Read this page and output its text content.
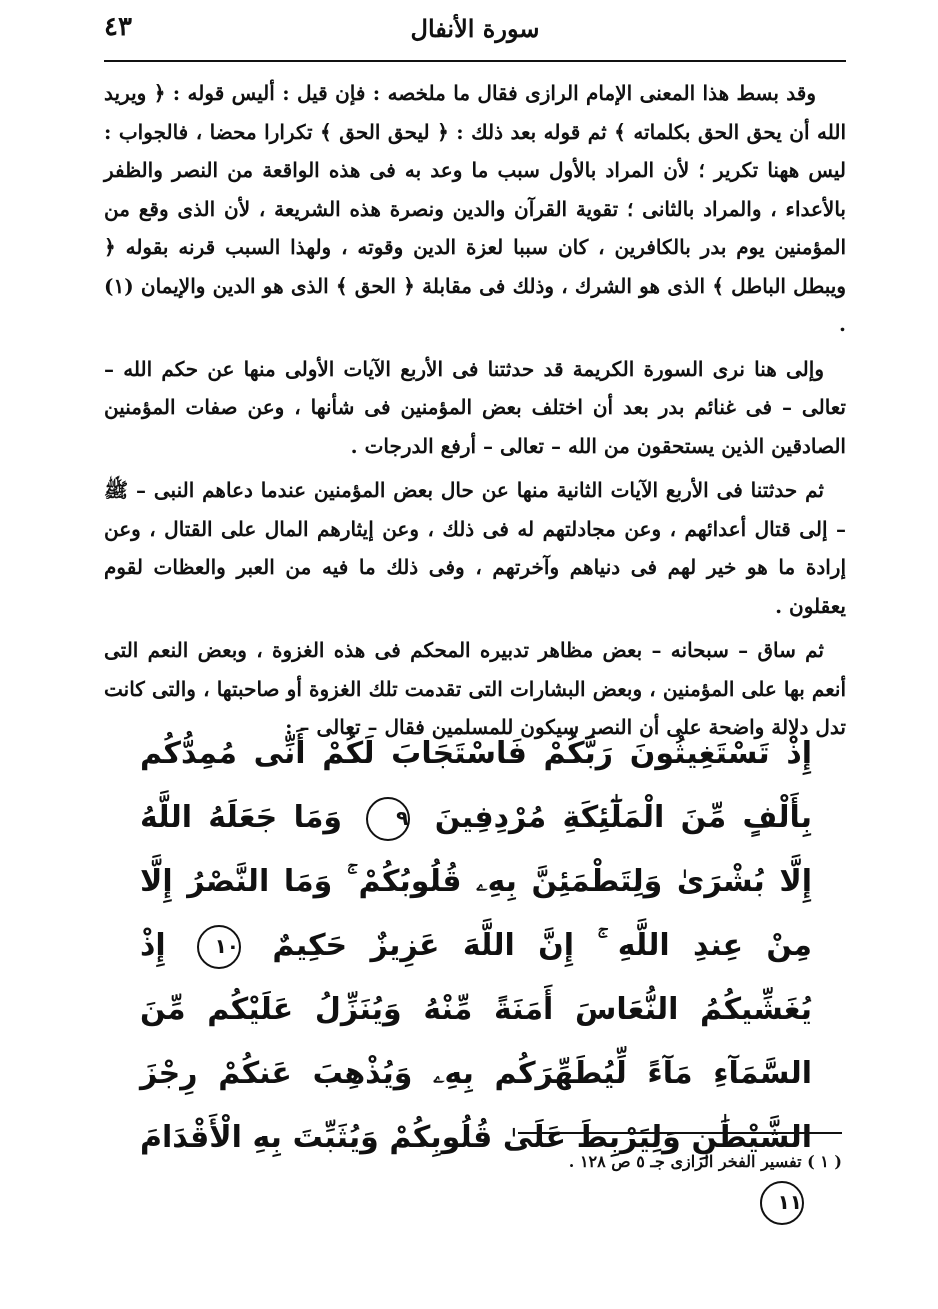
٤٣	سورة الأنفال

وقد بسط هذا المعنى الإمام الرازى فقال ما ملخصه : فإن قيل : أليس قوله : ﴿ ويريد الله أن يحق الحق بكلماته ﴾ ثم قوله بعد ذلك : ﴿ ليحق الحق ﴾ تكرارا محضا ، فالجواب : ليس ههنا تكرير ؛ لأن المراد بالأول سبب ما وعد به فى هذه الواقعة من النصر والظفر بالأعداء ، والمراد بالثانى ؛ تقوية القرآن والدين ونصرة هذه الشريعة ، لأن الذى وقع من المؤمنين يوم بدر بالكافرين ، كان سببا لعزة الدين وقوته ، ولهذا السبب قرنه بقوله ﴿ ويبطل الباطل ﴾ الذى هو الشرك ، وذلك فى مقابلة ﴿ الحق ﴾ الذى هو الدين والإيمان (١) .

وإلى هنا نرى السورة الكريمة قد حدثتنا فى الأربع الآيات الأولى منها عن حكم الله – تعالى – فى غنائم بدر بعد أن اختلف بعض المؤمنين فى شأنها ، وعن صفات المؤمنين الصادقين الذين يستحقون من الله – تعالى – أرفع الدرجات .

ثم حدثتنا فى الأربع الآيات الثانية منها عن حال بعض المؤمنين عندما دعاهم النبى – ﷺ – إلى قتال أعدائهم ، وعن مجادلتهم له فى ذلك ، وعن إيثارهم المال على القتال ، وعن إرادة ما هو خير لهم فى دنياهم وآخرتهم ، وفى ذلك ما فيه من العبر والعظات لقوم يعقلون .

ثم ساق – سبحانه – بعض مظاهر تدبيره المحكم فى هذه الغزوة ، وبعض النعم التى أنعم بها على المؤمنين ، وبعض البشارات التى تقدمت تلك الغزوة أو صاحبتها ، والتى كانت تدل دلالة واضحة على أن النصر سيكون للمسلمين فقال – تعالى – :

إِذْ تَسْتَغِيثُونَ رَبَّكُمْ فَاسْتَجَابَ لَكُمْ أَنِّى مُمِدُّكُم بِأَلْفٍ مِّنَ الْمَلَٰٓئِكَةِ مُرْدِفِينَ ٩ وَمَا جَعَلَهُ اللَّهُ إِلَّا بُشْرَىٰ وَلِتَطْمَئِنَّ بِهِۦ قُلُوبُكُمْ ۚ وَمَا النَّصْرُ إِلَّا مِنْ عِندِ اللَّهِ ۚ إِنَّ اللَّهَ عَزِيزٌ حَكِيمٌ ١٠ إِذْ يُغَشِّيكُمُ النُّعَاسَ أَمَنَةً مِّنْهُ وَيُنَزِّلُ عَلَيْكُم مِّنَ السَّمَآءِ مَآءً لِّيُطَهِّرَكُم بِهِۦ وَيُذْهِبَ عَنكُمْ رِجْزَ الشَّيْطَٰنِ وَلِيَرْبِطَ عَلَىٰ قُلُوبِكُمْ وَيُثَبِّتَ بِهِ الْأَقْدَامَ ١١
( ١ ) تفسير الفخر الرازى جـ ٥ ص ١٢٨ .
